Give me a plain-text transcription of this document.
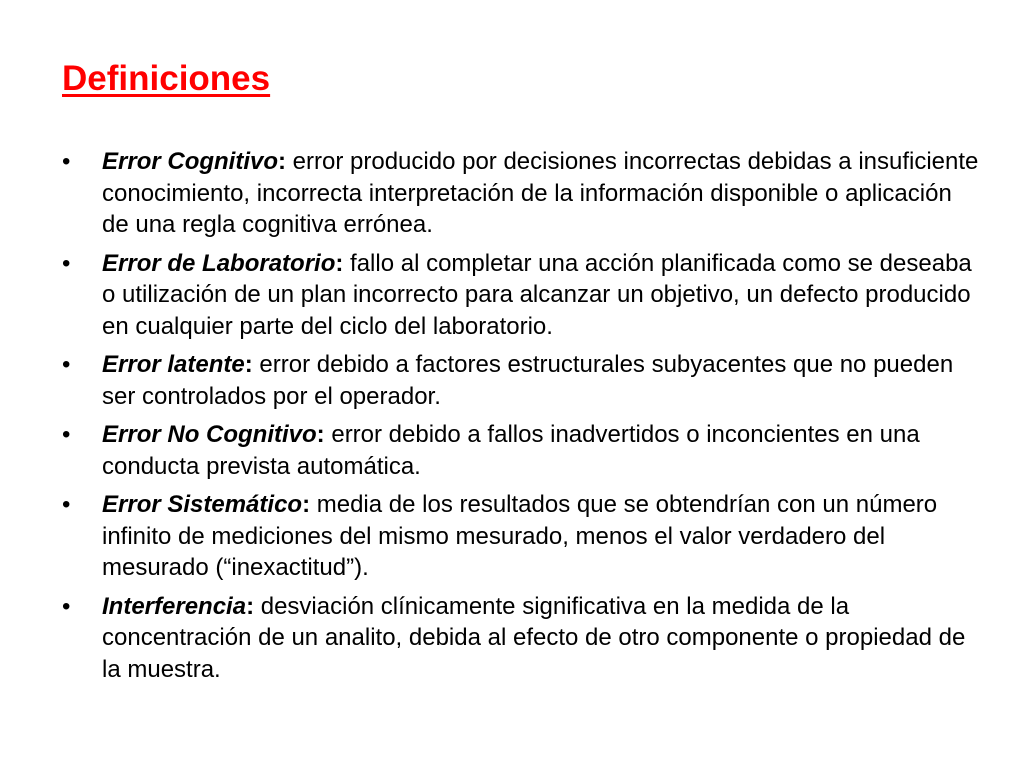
Definiciones
•	Error Cognitivo: error producido por decisiones incorrectas debidas a insuficiente conocimiento, incorrecta interpretación de la información disponible o aplicación de una regla cognitiva errónea.
•	Error de Laboratorio: fallo al completar una acción planificada como se deseaba o utilización de un plan incorrecto para alcanzar un objetivo, un defecto producido en cualquier parte del ciclo del laboratorio.
•	Error latente: error debido a factores estructurales subyacentes que no pueden ser controlados por el operador.
•	Error No Cognitivo: error debido a fallos inadvertidos o inconcientes en una conducta prevista automática.
•	Error Sistemático: media de los resultados que se obtendrían con un número infinito de mediciones del mismo mesurado, menos el valor verdadero del mesurado (“inexactitud”).
•	Interferencia: desviación clínicamente significativa en la medida de la concentración de un analito, debida al efecto de otro componente o propiedad de la muestra.
